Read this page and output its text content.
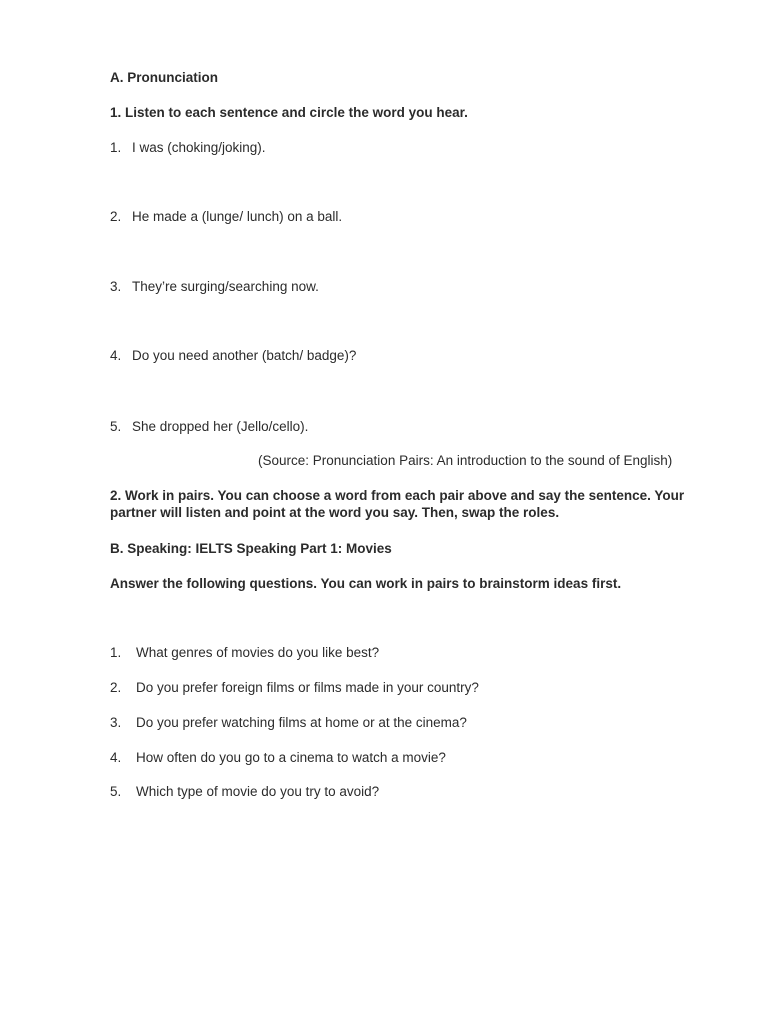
A. Pronunciation
1. Listen to each sentence and circle the word you hear.
1. I was (choking/joking).
2. He made a (lunge/ lunch) on a ball.
3. They’re surging/searching now.
4. Do you need another (batch/ badge)?
5. She dropped her (Jello/cello).
(Source: Pronunciation Pairs: An introduction to the sound of English)
2. Work in pairs. You can choose a word from each pair above and say the sentence. Your partner will listen and point at the word you say. Then, swap the roles.
B. Speaking: IELTS Speaking Part 1: Movies
Answer the following questions. You can work in pairs to brainstorm ideas first.
1. What genres of movies do you like best?
2. Do you prefer foreign films or films made in your country?
3. Do you prefer watching films at home or at the cinema?
4. How often do you go to a cinema to watch a movie?
5. Which type of movie do you try to avoid?
